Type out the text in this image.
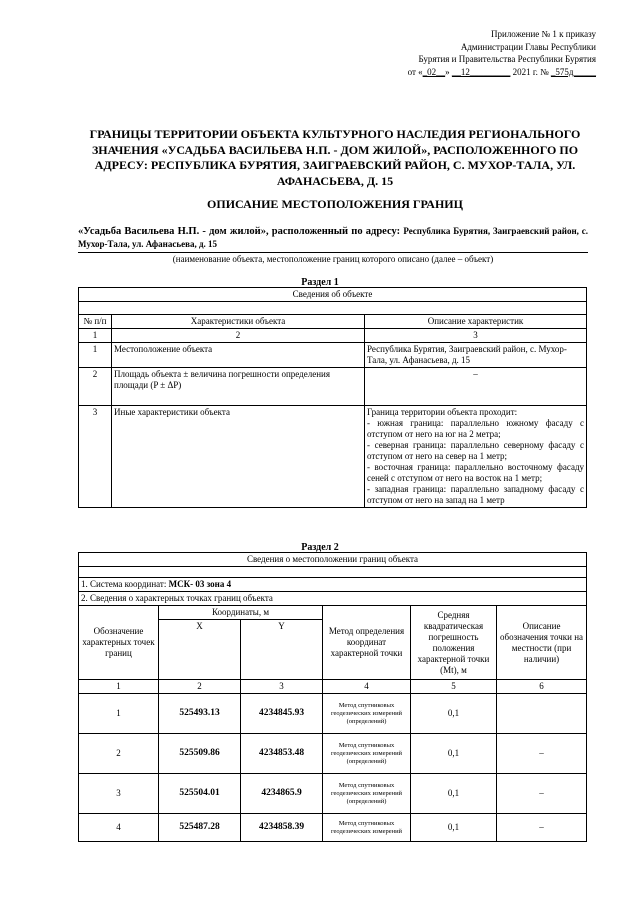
Приложение № 1 к приказу
Администрации Главы Республики
Бурятия и Правительства Республики Бурятия
от «_02__» __12_________ 2021 г. № _575д_____
ГРАНИЦЫ ТЕРРИТОРИИ ОБЪЕКТА КУЛЬТУРНОГО НАСЛЕДИЯ РЕГИОНАЛЬНОГО ЗНАЧЕНИЯ «УСАДЬБА ВАСИЛЬЕВА Н.П. - ДОМ ЖИЛОЙ», РАСПОЛОЖЕННОГО ПО АДРЕСУ: РЕСПУБЛИКА БУРЯТИЯ, ЗАИГРАЕВСКИЙ РАЙОН, С. МУХОР-ТАЛА, УЛ. АФАНАСЬЕВА, Д. 15
ОПИСАНИЕ МЕСТОПОЛОЖЕНИЯ ГРАНИЦ
«Усадьба Васильева Н.П. - дом жилой», расположенный по адресу: Республика Бурятия, Заиграевский район, с. Мухор-Тала, ул. Афанасьева, д. 15
(наименование объекта, местоположение границ которого описано (далее – объект)
Раздел 1
Сведения об объекте		

№ п/п	Характеристики объекта	Описание характеристик
1	2	3
1	Местоположение объекта	Республика Бурятия, Заиграевский район, с. Мухор-Тала, ул. Афанасьева, д. 15
2	Площадь объекта ± величина погрешности определения площади (P ± ΔP)	–
3	Иные характеристики объекта	Граница территории объекта проходит:
- южная граница: параллельно южному фасаду с отступом от него на юг на 2 метра;
- северная граница: параллельно северному фасаду с отступом от него на север на 1 метр;
- восточная граница: параллельно восточному фасаду сеней с отступом от него на восток на 1 метр;
- западная граница: параллельно западному фасаду с отступом от него на запад на 1 метр
Раздел 2
Сведения о местоположении границ объекта					

1. Система координат: МСК- 03 зона 4					
2. Сведения о характерных точках границ объекта					
Обозначение характерных точек границ	Координаты, м		Метод определения координат характерной точки	Средняя квадратическая погрешность положения характерной точки (Mt), м	Описание обозначения точки на местности (при наличии)
	X	Y			
1	2	3	4	5	6
1	525493.13	4234845.93	Метод спутниковых геодезических измерений (определений)	0,1	
2	525509.86	4234853.48	Метод спутниковых геодезических измерений (определений)	0,1	–
3	525504.01	4234865.9	Метод спутниковых геодезических измерений (определений)	0,1	–
4	525487.28	4234858.39	Метод спутниковых геодезических измерений	0,1	–
